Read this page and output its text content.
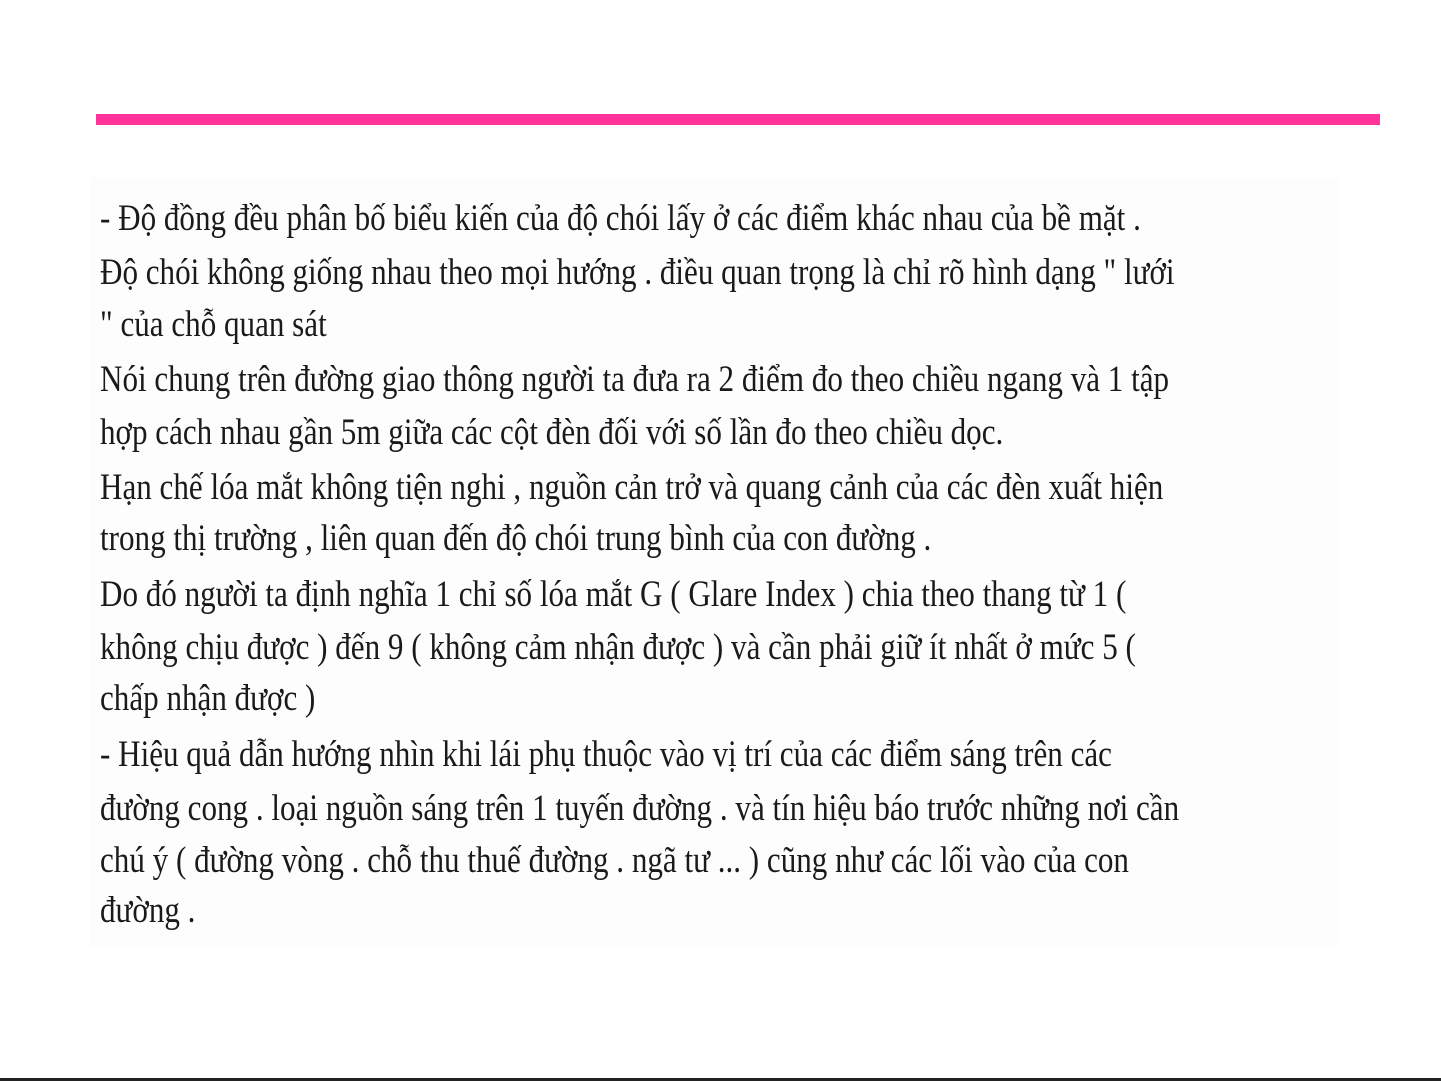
- Độ đồng đều phân bố biểu kiến của độ chói lấy ở các điểm khác nhau của bề mặt .
Độ chói không giống nhau theo mọi hướng . điều quan trọng là chỉ rõ hình dạng " lưới
" của chỗ quan sát
Nói chung trên đường giao thông người ta đưa ra 2 điểm đo theo chiều ngang và 1 tập
hợp cách nhau gần 5m giữa các cột đèn đối với số lần đo theo chiều dọc.
Hạn chế lóa mắt không tiện nghi , nguồn cản trở và quang cảnh của các đèn xuất hiện
trong thị trường , liên quan đến độ chói trung bình của con đường .
Do đó người ta định nghĩa 1 chỉ số lóa mắt G ( Glare Index ) chia theo thang từ 1 (
không chịu được ) đến 9 ( không cảm nhận được ) và cần phải giữ ít nhất ở mức 5 (
chấp nhận được )
- Hiệu quả dẫn hướng nhìn khi lái phụ thuộc vào vị trí của các điểm sáng trên các
đường cong . loại nguồn sáng trên 1 tuyến đường . và tín hiệu báo trước những nơi cần
chú ý ( đường vòng . chỗ thu thuế đường . ngã tư ... ) cũng như các lối vào của con
đường .
